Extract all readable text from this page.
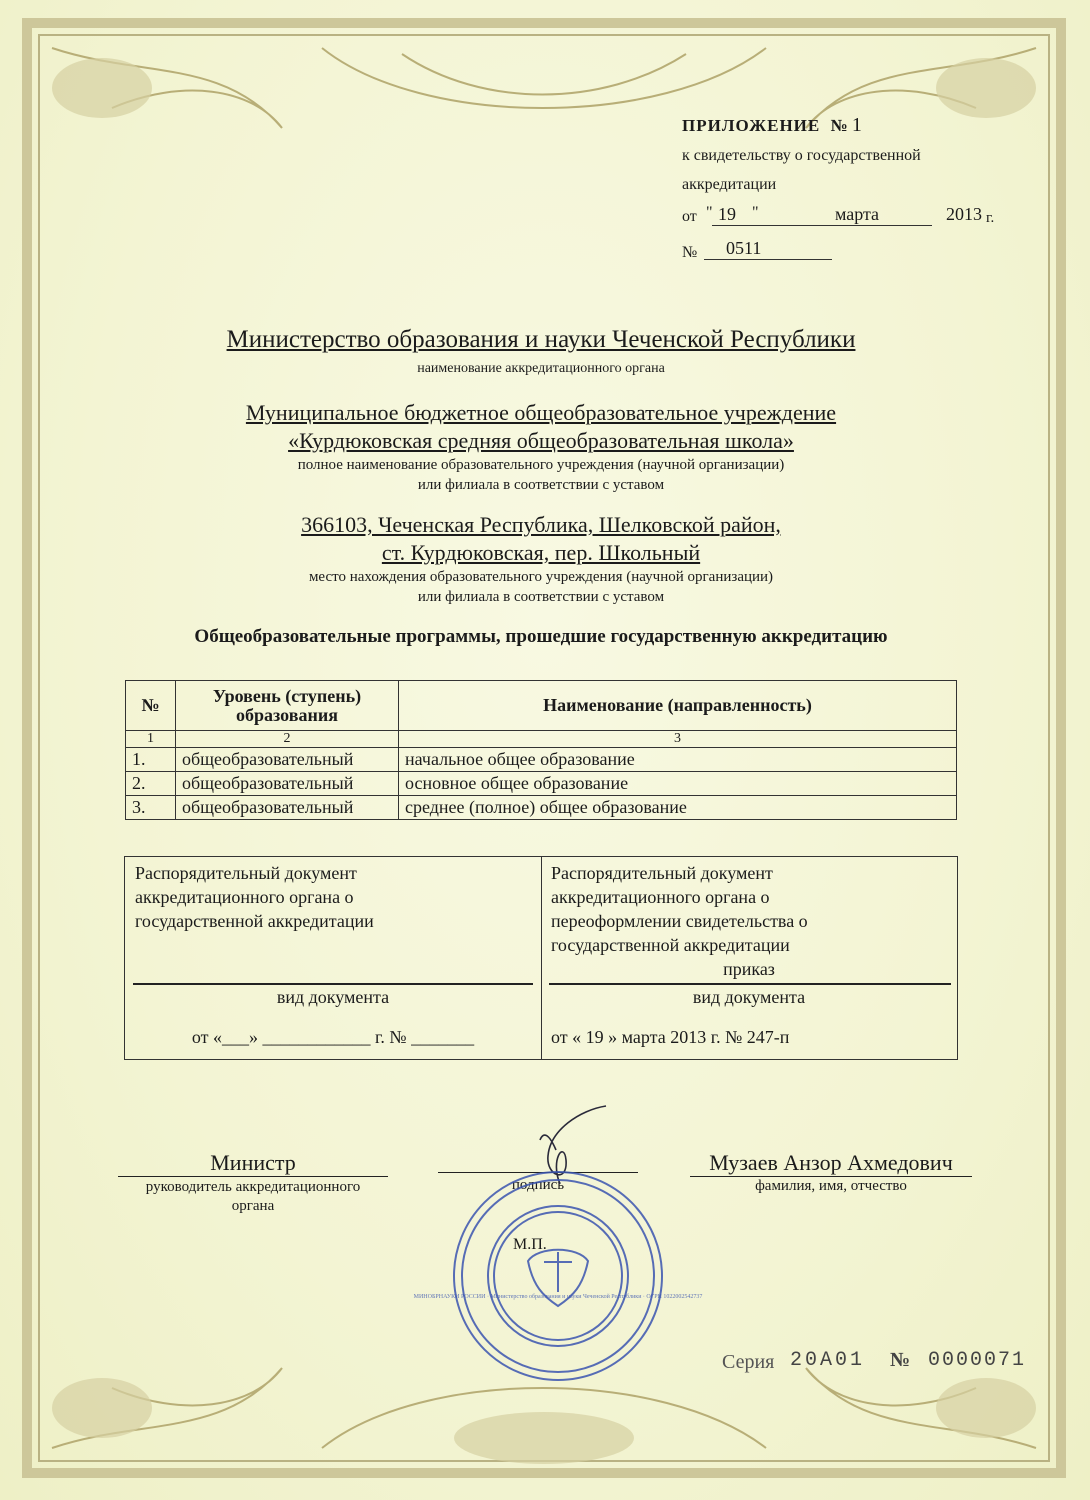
ПРИЛОЖЕНИЕ № 1
к свидетельству о государственной
аккредитации
от " 19	"	марта	2013 г.
№	0511
Министерство образования и науки Чеченской Республики
наименование аккредитационного органа
Муниципальное бюджетное общеобразовательное учреждение
«Курдюковская средняя общеобразовательная школа»
полное наименование образовательного учреждения (научной организации)
или филиала в соответствии с уставом
366103, Чеченская Республика, Шелковской район,
ст. Курдюковская, пер. Школьный
место нахождения образовательного учреждения (научной организации)
или филиала в соответствии с уставом
Общеобразовательные программы, прошедшие государственную аккредитацию
№	Уровень (ступень) образования	Наименование (направленность)
1	2	3
1.	общеобразовательный	начальное общее образование
2.	общеобразовательный	основное общее образование
3.	общеобразовательный	среднее (полное) общее образование
Распорядительный документ
аккредитационного органа о
государственной аккредитации
вид документа
от «___» ____________ г. № _______
Распорядительный документ
аккредитационного органа о
переоформлении свидетельства о
государственной аккредитации
приказ
вид документа
от « 19 » марта 2013 г. № 247-п
Министр
руководитель аккредитационного
органа
подпись
Музаев Анзор Ахмедович
фамилия, имя, отчество
МИНОБРНАУКИ РОССИИ · Министерство образования и науки Чеченской Республики · ОГРН 1022002542737
М.П.
Серия 20А01 № 0000071
